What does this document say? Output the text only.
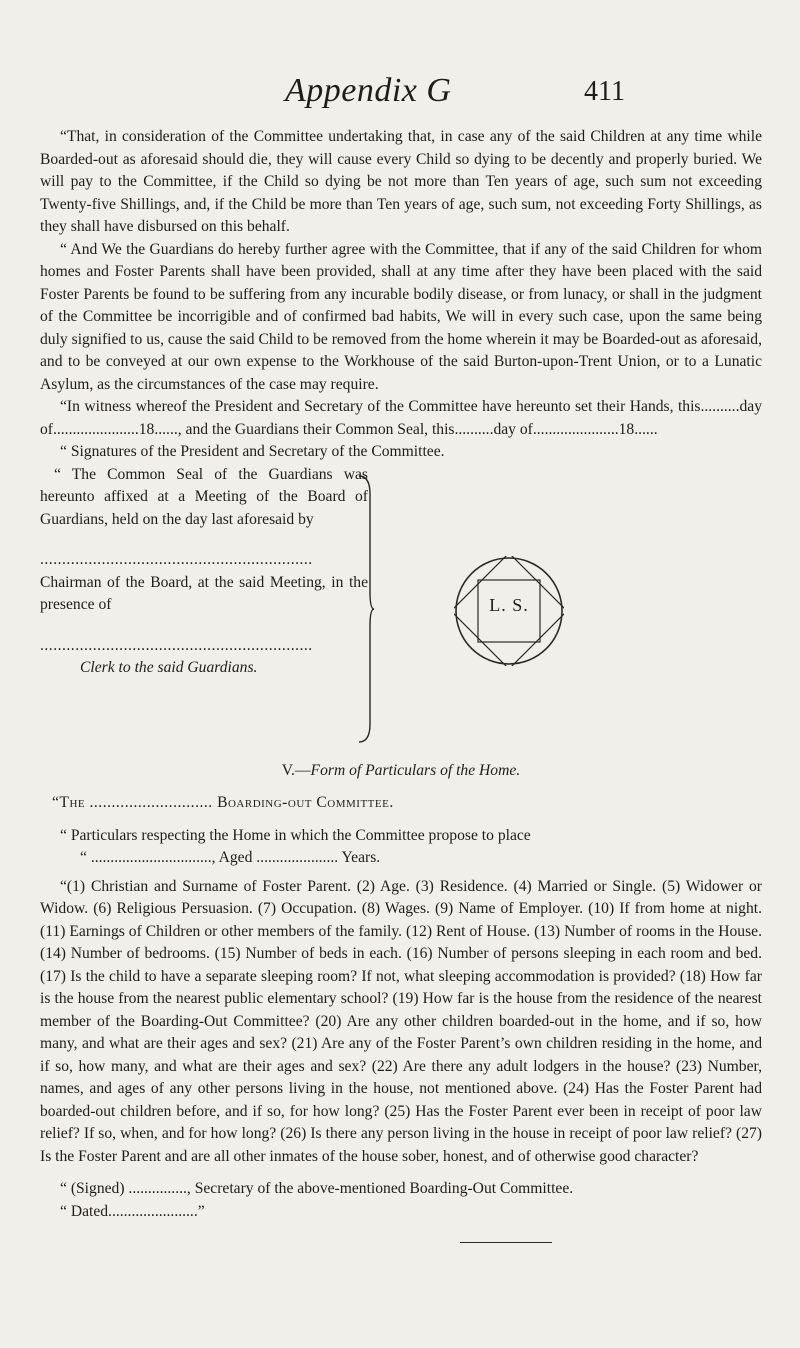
Appendix G	411

“That, in consideration of the Committee undertaking that, in case any of the said Children at any time while Boarded-out as aforesaid should die, they will cause every Child so dying to be decently and properly buried. We will pay to the Committee, if the Child so dying be not more than Ten years of age, such sum not exceeding Twenty-five Shillings, and, if the Child be more than Ten years of age, such sum, not exceeding Forty Shillings, as they shall have disbursed on this behalf.

“ And We the Guardians do hereby further agree with the Committee, that if any of the said Children for whom homes and Foster Parents shall have been provided, shall at any time after they have been placed with the said Foster Parents be found to be suffering from any incurable bodily disease, or from lunacy, or shall in the judgment of the Committee be incorrigible and of confirmed bad habits, We will in every such case, upon the same being duly signified to us, cause the said Child to be removed from the home wherein it may be Boarded-out as aforesaid, and to be conveyed at our own expense to the Workhouse of the said Burton-upon-Trent Union, or to a Lunatic Asylum, as the circumstances of the case may require.

“In witness whereof the President and Secretary of the Committee have hereunto set their Hands, this..........day of......................18......, and the Guardians their Common Seal, this..........day of......................18......

“ Signatures of the President and Secretary of the Committee.

“ The Common Seal of the Guardians was hereunto affixed at a Meeting of the Board of Guardians, held on the day last aforesaid by

..............................................................

Chairman of the Board, at the said Meeting, in the presence of

..............................................................

Clerk to the said Guardians.

L. S.

V.—Form of Particulars of the Home.

“The ............................ Boarding-out Committee.

“ Particulars respecting the Home in which the Committee propose to place

“ ..............................., Aged ..................... Years.

“(1) Christian and Surname of Foster Parent. (2) Age. (3) Residence. (4) Married or Single. (5) Widower or Widow. (6) Religious Persuasion. (7) Occupation. (8) Wages. (9) Name of Employer. (10) If from home at night. (11) Earnings of Children or other members of the family. (12) Rent of House. (13) Number of rooms in the House. (14) Number of bedrooms. (15) Number of beds in each. (16) Number of persons sleeping in each room and bed. (17) Is the child to have a separate sleeping room? If not, what sleeping accommodation is provided? (18) How far is the house from the nearest public elementary school? (19) How far is the house from the residence of the nearest member of the Boarding-Out Committee? (20) Are any other children boarded-out in the home, and if so, how many, and what are their ages and sex? (21) Are any of the Foster Parent’s own children residing in the home, and if so, how many, and what are their ages and sex? (22) Are there any adult lodgers in the house? (23) Number, names, and ages of any other persons living in the house, not mentioned above. (24) Has the Foster Parent had boarded-out children before, and if so, for how long? (25) Has the Foster Parent ever been in receipt of poor law relief? If so, when, and for how long? (26) Is there any person living in the house in receipt of poor law relief? (27) Is the Foster Parent and are all other inmates of the house sober, honest, and of otherwise good character?

“ (Signed) ..............., Secretary of the above-mentioned Boarding-Out Committee.

“ Dated.......................”
